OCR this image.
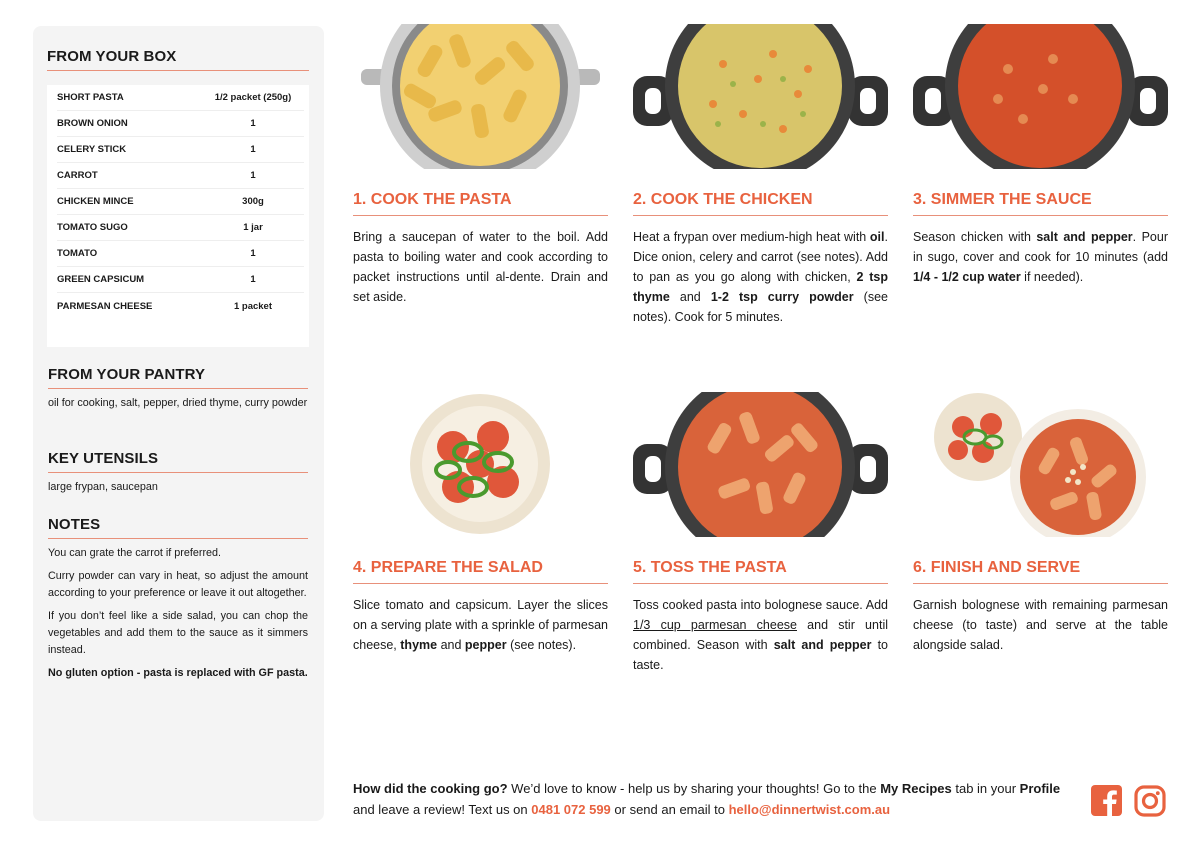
FROM YOUR BOX
SHORT PASTA	1/2 packet (250g)
BROWN ONION	1
CELERY STICK	1
CARROT	1
CHICKEN MINCE	300g
TOMATO SUGO	1 jar
TOMATO	1
GREEN CAPSICUM	1
PARMESAN CHEESE	1 packet
FROM YOUR PANTRY
oil for cooking, salt, pepper, dried thyme, curry powder
KEY UTENSILS
large frypan, saucepan
NOTES

You can grate the carrot if preferred.

Curry powder can vary in heat, so adjust the amount according to your preference or leave it out altogether.

If you don’t feel like a side salad, you can chop the vegetables and add them to the sauce as it simmers instead.

No gluten option - pasta is replaced with GF pasta.

1. COOK THE PASTA

Bring a saucepan of water to the boil. Add pasta to boiling water and cook according to packet instructions until al-dente. Drain and set aside.

2. COOK THE CHICKEN

Heat a frypan over medium-high heat with oil. Dice onion, celery and carrot (see notes). Add to pan as you go along with chicken, 2 tsp thyme and 1-2 tsp curry powder (see notes). Cook for 5 minutes.

3. SIMMER THE SAUCE

Season chicken with salt and pepper. Pour in sugo, cover and cook for 10 minutes (add 1/4 - 1/2 cup water if needed).

4. PREPARE THE SALAD

Slice tomato and capsicum. Layer the slices on a serving plate with a sprinkle of parmesan cheese, thyme and pepper (see notes).

5. TOSS THE PASTA

Toss cooked pasta into bolognese sauce. Add 1/3 cup parmesan cheese and stir until combined. Season with salt and pepper to taste.

6. FINISH AND SERVE

Garnish bolognese with remaining parmesan cheese (to taste) and serve at the table alongside salad.

How did the cooking go? We’d love to know - help us by sharing your thoughts! Go to the My Recipes tab in your Profile and leave a review! Text us on 0481 072 599 or send an email to hello@dinnertwist.com.au
